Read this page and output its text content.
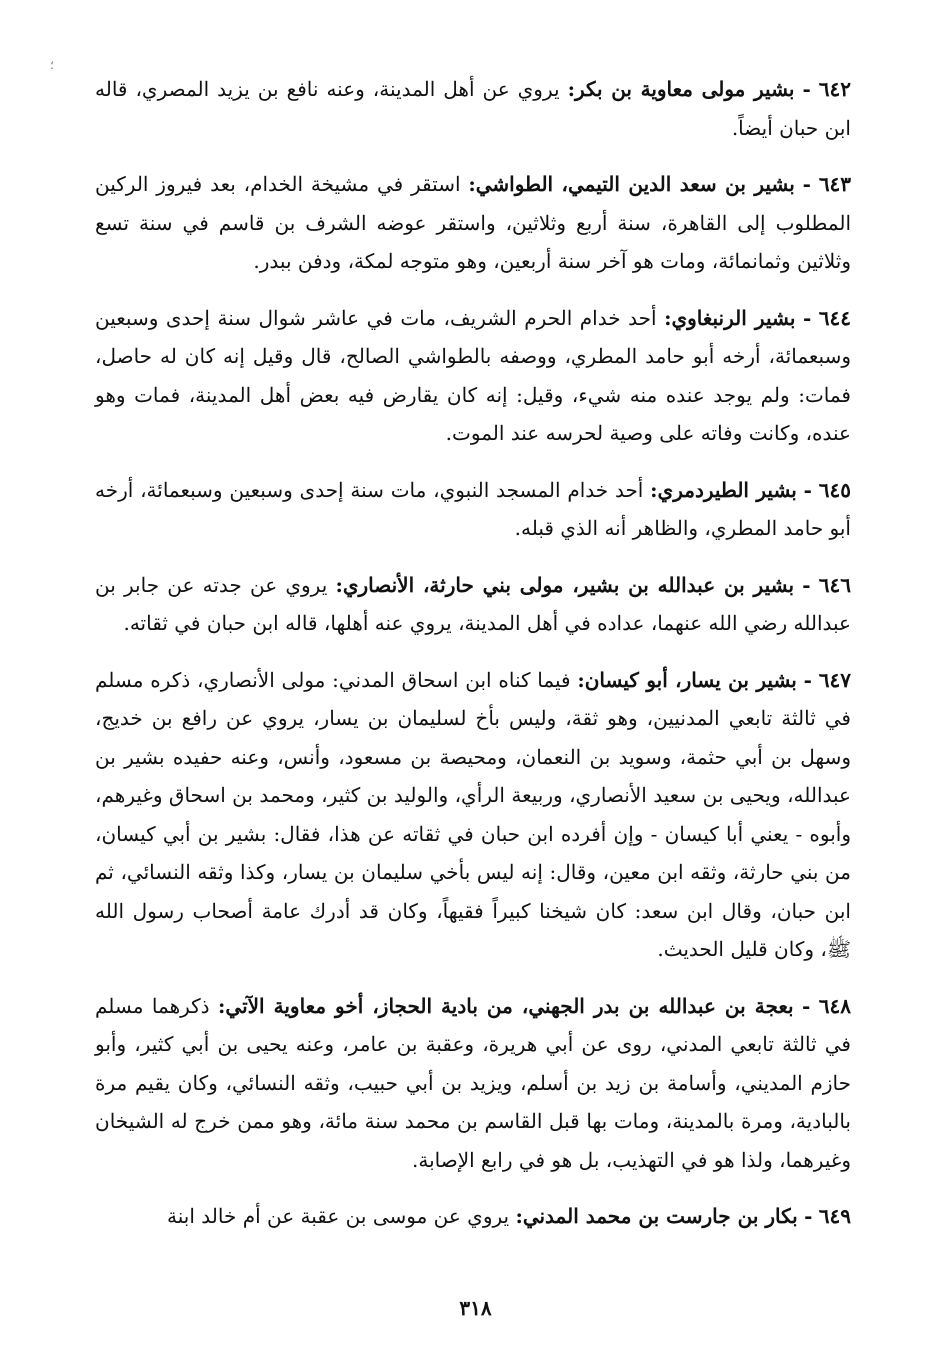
؛

٦٤٢ - بشير مولى معاوية بن بكر: يروي عن أهل المدينة، وعنه نافع بن يزيد المصري، قاله ابن حبان أيضاً.

٦٤٣ - بشير بن سعد الدين التيمي، الطواشي: استقر في مشيخة الخدام، بعد فيروز الركين المطلوب إلى القاهرة، سنة أربع وثلاثين، واستقر عوضه الشرف بن قاسم في سنة تسع وثلاثين وثمانمائة، ومات هو آخر سنة أربعين، وهو متوجه لمكة، ودفن ببدر.

٦٤٤ - بشير الرنبغاوي: أحد خدام الحرم الشريف، مات في عاشر شوال سنة إحدى وسبعين وسبعمائة، أرخه أبو حامد المطري، ووصفه بالطواشي الصالح، قال وقيل إنه كان له حاصل، فمات: ولم يوجد عنده منه شيء، وقيل: إنه كان يقارض فيه بعض أهل المدينة، فمات وهو عنده، وكانت وفاته على وصية لحرسه عند الموت.

٦٤٥ - بشير الطيردمري: أحد خدام المسجد النبوي، مات سنة إحدى وسبعين وسبعمائة، أرخه أبو حامد المطري، والظاهر أنه الذي قبله.

٦٤٦ - بشير بن عبدالله بن بشير، مولى بني حارثة، الأنصاري: يروي عن جدته عن جابر بن عبدالله رضي الله عنهما، عداده في أهل المدينة، يروي عنه أهلها، قاله ابن حبان في ثقاته.

٦٤٧ - بشير بن يسار، أبو كيسان: فيما كناه ابن اسحاق المدني: مولى الأنصاري، ذكره مسلم في ثالثة تابعي المدنيين، وهو ثقة، وليس بأخ لسليمان بن يسار، يروي عن رافع بن خديج، وسهل بن أبي حثمة، وسويد بن النعمان، ومحيصة بن مسعود، وأنس، وعنه حفيده بشير بن عبدالله، ويحيى بن سعيد الأنصاري، وربيعة الرأي، والوليد بن كثير، ومحمد بن اسحاق وغيرهم، وأبوه - يعني أبا كيسان - وإن أفرده ابن حبان في ثقاته عن هذا، فقال: بشير بن أبي كيسان، من بني حارثة، وثقه ابن معين، وقال: إنه ليس بأخي سليمان بن يسار، وكذا وثقه النسائي، ثم ابن حبان، وقال ابن سعد: كان شيخنا كبيراً فقيهاً، وكان قد أدرك عامة أصحاب رسول الله ﷺ، وكان قليل الحديث.

٦٤٨ - بعجة بن عبدالله بن بدر الجهني، من بادية الحجاز، أخو معاوية الآتي: ذكرهما مسلم في ثالثة تابعي المدني، روى عن أبي هريرة، وعقبة بن عامر، وعنه يحيى بن أبي كثير، وأبو حازم المديني، وأسامة بن زيد بن أسلم، ويزيد بن أبي حبيب، وثقه النسائي، وكان يقيم مرة بالبادية، ومرة بالمدينة، ومات بها قبل القاسم بن محمد سنة مائة، وهو ممن خرج له الشيخان وغيرهما، ولذا هو في التهذيب، بل هو في رابع الإصابة.

٦٤٩ - بكار بن جارست بن محمد المدني: يروي عن موسى بن عقبة عن أم خالد ابنة

٣١٨
